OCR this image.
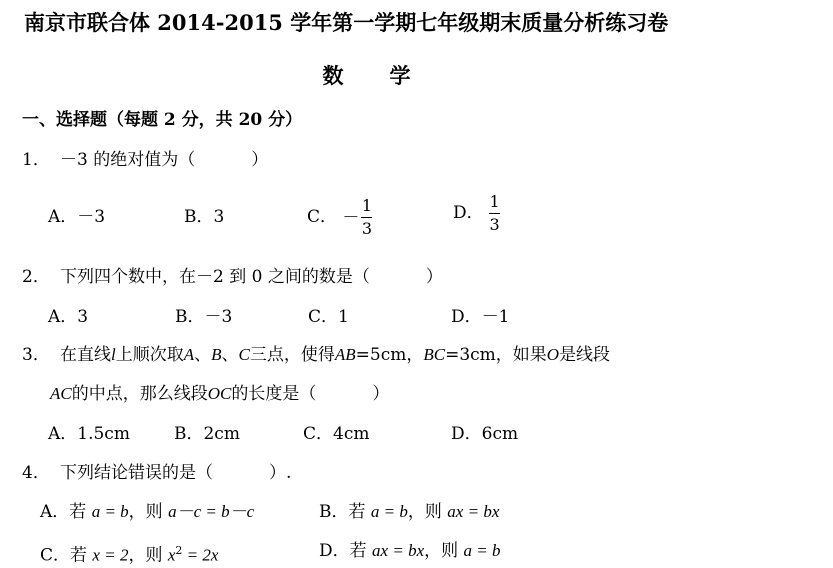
南京市联合体 2014-2015 学年第一学期七年级期末质量分析练习卷
数 学
一、选择题（每题 2 分，共 20 分）
1． －3 的绝对值为（	）
A．－3	B．3	C． － $\frac{1}{3}$	D． $\frac{1}{3}$
2． 下列四个数中，在－2 到 0 之间的数是（	）
A．3	B．－3	C．1	D．－1
3． 在直线l上顺次取A、B、C三点，使得AB=5cm，BC=3cm，如果O是线段
AC的中点，那么线段OC的长度是（	）
A．1.5cm	B．2cm	C．4cm	D．6cm
4． 下列结论错误的是（	）.
A．若 a = b，则 a－c = b－c	B．若 a = b，则 ax = bx
C．若 x = 2，则 $x^2 = 2x$	D．若 ax = bx，则 a = b
